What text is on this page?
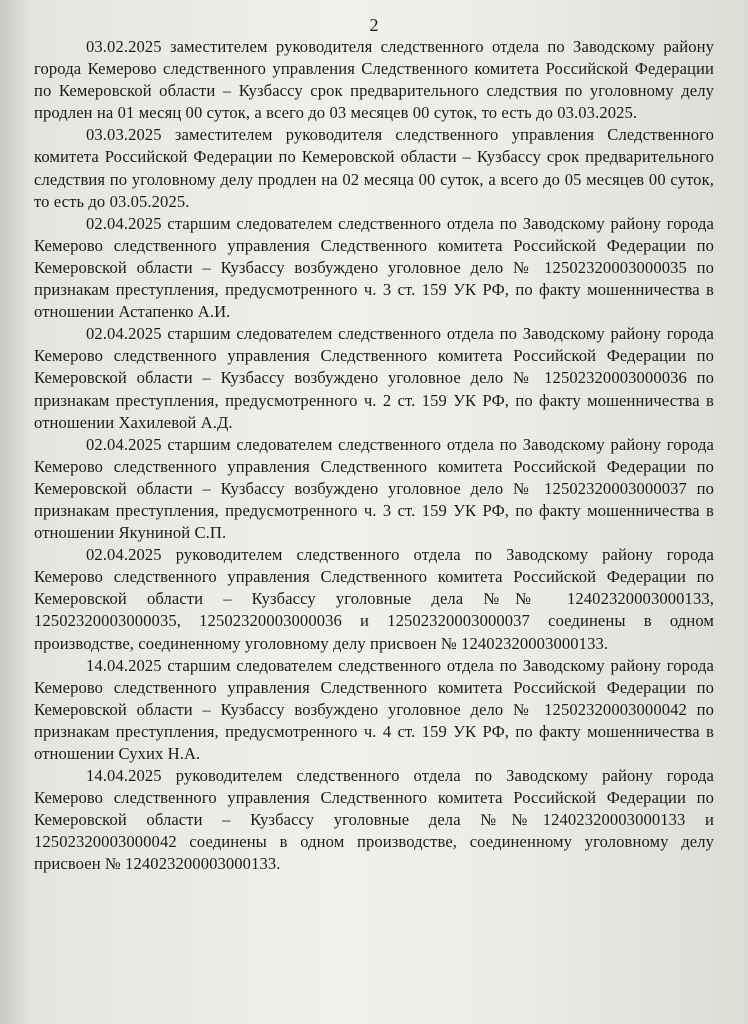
2

03.02.2025 заместителем руководителя следственного отдела по Заводскому району города Кемерово следственного управления Следственного комитета Российской Федерации по Кемеровской области – Кузбассу срок предварительного следствия по уголовному делу продлен на 01 месяц 00 суток, а всего до 03 месяцев 00 суток, то есть до 03.03.2025.

03.03.2025 заместителем руководителя следственного управления Следственного комитета Российской Федерации по Кемеровской области – Кузбассу срок предварительного следствия по уголовному делу продлен на 02 месяца 00 суток, а всего до 05 месяцев 00 суток, то есть до 03.05.2025.

02.04.2025 старшим следователем следственного отдела по Заводскому району города Кемерово следственного управления Следственного комитета Российской Федерации по Кемеровской области – Кузбассу возбуждено уголовное дело № 12502320003000035 по признакам преступления, предусмотренного ч. 3 ст. 159 УК РФ, по факту мошенничества в отношении Астапенко А.И.

02.04.2025 старшим следователем следственного отдела по Заводскому району города Кемерово следственного управления Следственного комитета Российской Федерации по Кемеровской области – Кузбассу возбуждено уголовное дело № 12502320003000036 по признакам преступления, предусмотренного ч. 2 ст. 159 УК РФ, по факту мошенничества в отношении Хахилевой А.Д.

02.04.2025 старшим следователем следственного отдела по Заводскому району города Кемерово следственного управления Следственного комитета Российской Федерации по Кемеровской области – Кузбассу возбуждено уголовное дело № 12502320003000037 по признакам преступления, предусмотренного ч. 3 ст. 159 УК РФ, по факту мошенничества в отношении Якуниной С.П.

02.04.2025 руководителем следственного отдела по Заводскому району города Кемерово следственного управления Следственного комитета Российской Федерации по Кемеровской области – Кузбассу уголовные дела №№ 12402320003000133, 12502320003000035, 12502320003000036 и 12502320003000037 соединены в одном производстве, соединенному уголовному делу присвоен № 12402320003000133.

14.04.2025 старшим следователем следственного отдела по Заводскому району города Кемерово следственного управления Следственного комитета Российской Федерации по Кемеровской области – Кузбассу возбуждено уголовное дело № 12502320003000042 по признакам преступления, предусмотренного ч. 4 ст. 159 УК РФ, по факту мошенничества в отношении Сухих Н.А.

14.04.2025 руководителем следственного отдела по Заводскому району города Кемерово следственного управления Следственного комитета Российской Федерации по Кемеровской области – Кузбассу уголовные дела №№12402320003000133 и 12502320003000042 соединены в одном производстве, соединенному уголовному делу присвоен № 124023200003000133.
